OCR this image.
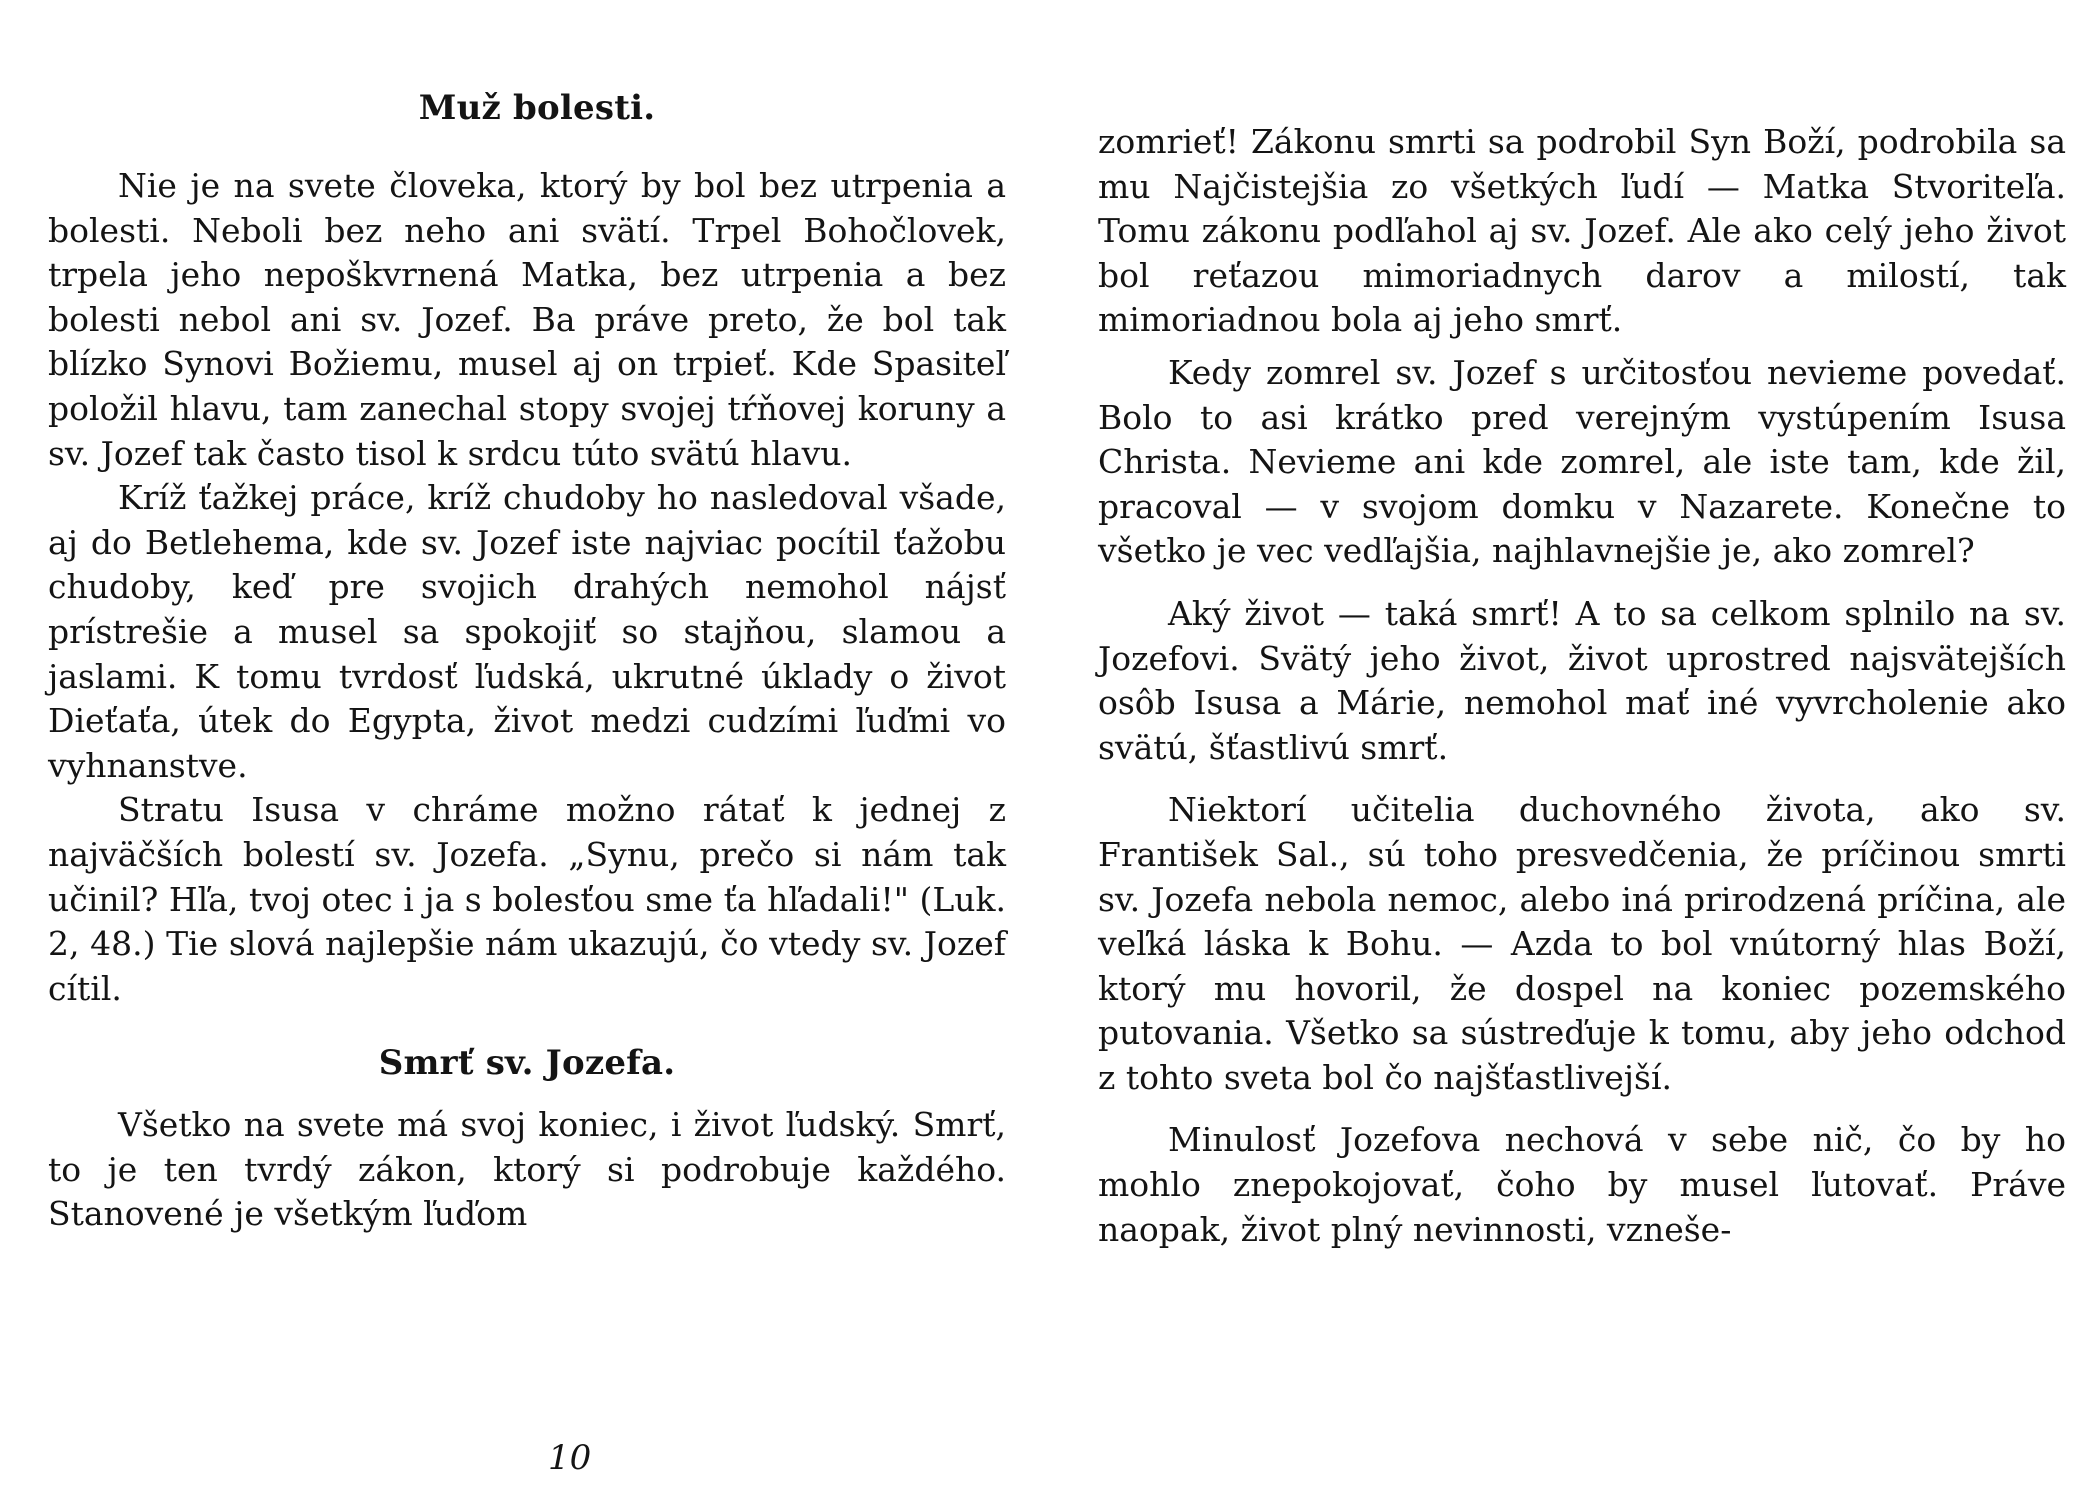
Muž bolesti.

Nie je na svete človeka, ktorý by bol bez utrpenia a bolesti. Neboli bez neho ani svätí. Trpel Bohočlovek, trpela jeho nepoškvrnená Matka, bez utrpenia a bez bolesti nebol ani sv. Jozef. Ba práve preto, že bol tak blízko Synovi Božiemu, musel aj on trpieť. Kde Spasiteľ položil hlavu, tam zanechal stopy svojej tŕňovej koruny a sv. Jozef tak často tisol k srdcu túto svätú hlavu.

Kríž ťažkej práce, kríž chudoby ho nasledoval všade, aj do Betlehema, kde sv. Jozef iste najviac pocítil ťažobu chudoby, keď pre svojich drahých nemohol nájsť prístrešie a musel sa spokojiť so stajňou, slamou a jaslami. K tomu tvrdosť ľudská, ukrutné úklady o život Dieťaťa, útek do Egypta, život medzi cudzími ľuďmi vo vyhnanstve.

Stratu Isusa v chráme možno rátať k jednej z najväčších bolestí sv. Jozefa. „Synu, prečo si nám tak učinil? Hľa, tvoj otec i ja s bolesťou sme ťa hľadali!" (Luk. 2, 48.) Tie slová najlepšie nám ukazujú, čo vtedy sv. Jozef cítil.

Smrť sv. Jozefa.

Všetko na svete má svoj koniec, i život ľudský. Smrť, to je ten tvrdý zákon, ktorý si podrobuje každého. Stanovené je všetkým ľuďom

10

zomrieť! Zákonu smrti sa podrobil Syn Boží, podrobila sa mu Najčistejšia zo všetkých ľudí — Matka Stvoriteľa. Tomu zákonu podľahol aj sv. Jozef. Ale ako celý jeho život bol reťazou mimoriadnych darov a milostí, tak mimoriadnou bola aj jeho smrť.

Kedy zomrel sv. Jozef s určitosťou nevieme povedať. Bolo to asi krátko pred verejným vystúpením Isusa Christa. Nevieme ani kde zomrel, ale iste tam, kde žil, pracoval — v svojom domku v Nazarete. Konečne to všetko je vec vedľajšia, najhlavnejšie je, ako zomrel?

Aký život — taká smrť! A to sa celkom splnilo na sv. Jozefovi. Svätý jeho život, život uprostred najsvätejších osôb Isusa a Márie, nemohol mať iné vyvrcholenie ako svätú, šťastlivú smrť.

Niektorí učitelia duchovného života, ako sv. František Sal., sú toho presvedčenia, že príčinou smrti sv. Jozefa nebola nemoc, alebo iná prirodzená príčina, ale veľká láska k Bohu. — Azda to bol vnútorný hlas Boží, ktorý mu hovoril, že dospel na koniec pozemského putovania. Všetko sa sústreďuje k tomu, aby jeho odchod z tohto sveta bol čo najšťastlivejší.

Minulosť Jozefova nechová v sebe nič, čo by ho mohlo znepokojovať, čoho by musel ľutovať. Práve naopak, život plný nevinnosti, vzneše-
